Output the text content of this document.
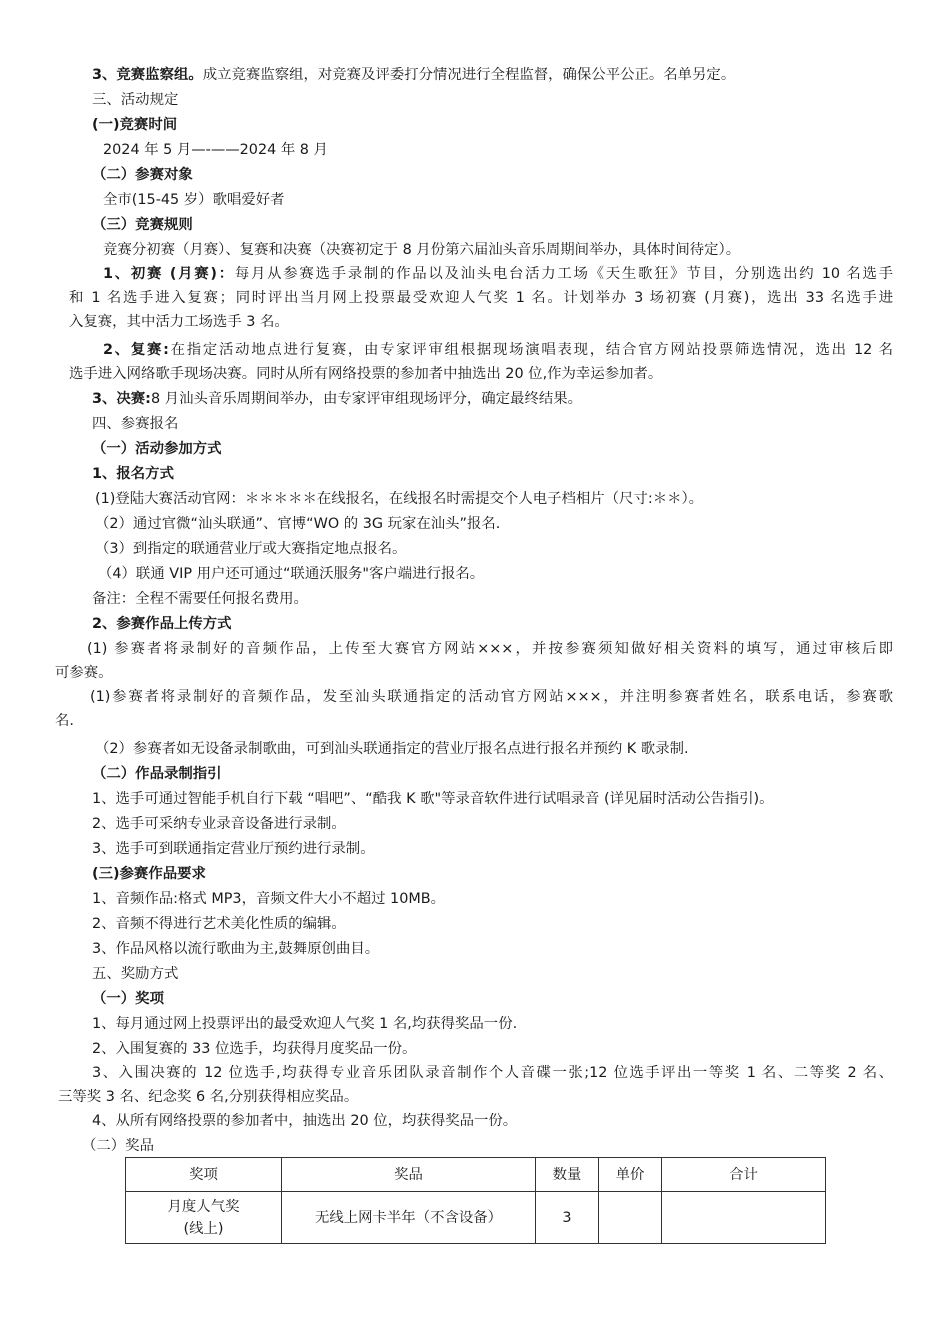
3、竞赛监察组。成立竞赛监察组，对竞赛及评委打分情况进行全程监督，确保公平公正。名单另定。
三、活动规定
(一)竞赛时间
2024 年 5 月—-——2024 年 8 月
（二）参赛对象
全市(15-45 岁）歌唱爱好者
（三）竞赛规则
竞赛分初赛（月赛）、复赛和决赛（决赛初定于 8 月份第六届汕头音乐周期间举办，具体时间待定）。
1、初赛 (月赛)：每月从参赛选手录制的作品以及汕头电台活力工场《天生歌狂》节目，分别选出约 10 名选手
和 1 名选手进入复赛；同时评出当月网上投票最受欢迎人气奖 1 名。计划举办 3 场初赛 (月赛)，选出 33 名选手进
入复赛，其中活力工场选手 3 名。
2、复赛:在指定活动地点进行复赛，由专家评审组根据现场演唱表现，结合官方网站投票筛选情况，选出 12 名
选手进入网络歌手现场决赛。同时从所有网络投票的参加者中抽选出 20 位,作为幸运参加者。
3、决赛:8 月汕头音乐周期间举办，由专家评审组现场评分，确定最终结果。
四、参赛报名
（一）活动参加方式
1、报名方式
(1)登陆大赛活动官网：＊＊＊＊＊在线报名，在线报名时需提交个人电子档相片（尺寸:＊＊）。
（2）通过官微“汕头联通”、官博“WO 的 3G 玩家在汕头”报名.
（3）到指定的联通营业厅或大赛指定地点报名。
（4）联通 VIP 用户还可通过“联通沃服务"客户端进行报名。
备注：全程不需要任何报名费用。
2、参赛作品上传方式
(1) 参赛者将录制好的音频作品，上传至大赛官方网站×××，并按参赛须知做好相关资料的填写，通过审核后即
可参赛。
(1)参赛者将录制好的音频作品，发至汕头联通指定的活动官方网站×××，并注明参赛者姓名，联系电话，参赛歌
名.
（2）参赛者如无设备录制歌曲，可到汕头联通指定的营业厅报名点进行报名并预约 K 歌录制.
（二）作品录制指引
1、选手可通过智能手机自行下载 “唱吧”、“酷我 K 歌"等录音软件进行试唱录音 (详见届时活动公告指引)。
2、选手可采纳专业录音设备进行录制。
3、选手可到联通指定营业厅预约进行录制。
(三)参赛作品要求
1、音频作品:格式 MP3，音频文件大小不超过 10MB。
2、音频不得进行艺术美化性质的编辑。
3、作品风格以流行歌曲为主,鼓舞原创曲目。
五、奖励方式
（一）奖项
1、每月通过网上投票评出的最受欢迎人气奖 1 名,均获得奖品一份.
2、入围复赛的 33 位选手，均获得月度奖品一份。
3、入围决赛的 12 位选手,均获得专业音乐团队录音制作个人音碟一张;12 位选手评出一等奖 1 名、二等奖 2 名、
三等奖 3 名、纪念奖 6 名,分别获得相应奖品。
4、从所有网络投票的参加者中，抽选出 20 位，均获得奖品一份。
（二）奖品
奖项	奖品	数量	单价	合计

月度人气奖
(线上)	无线上网卡半年（不含设备）	3		
